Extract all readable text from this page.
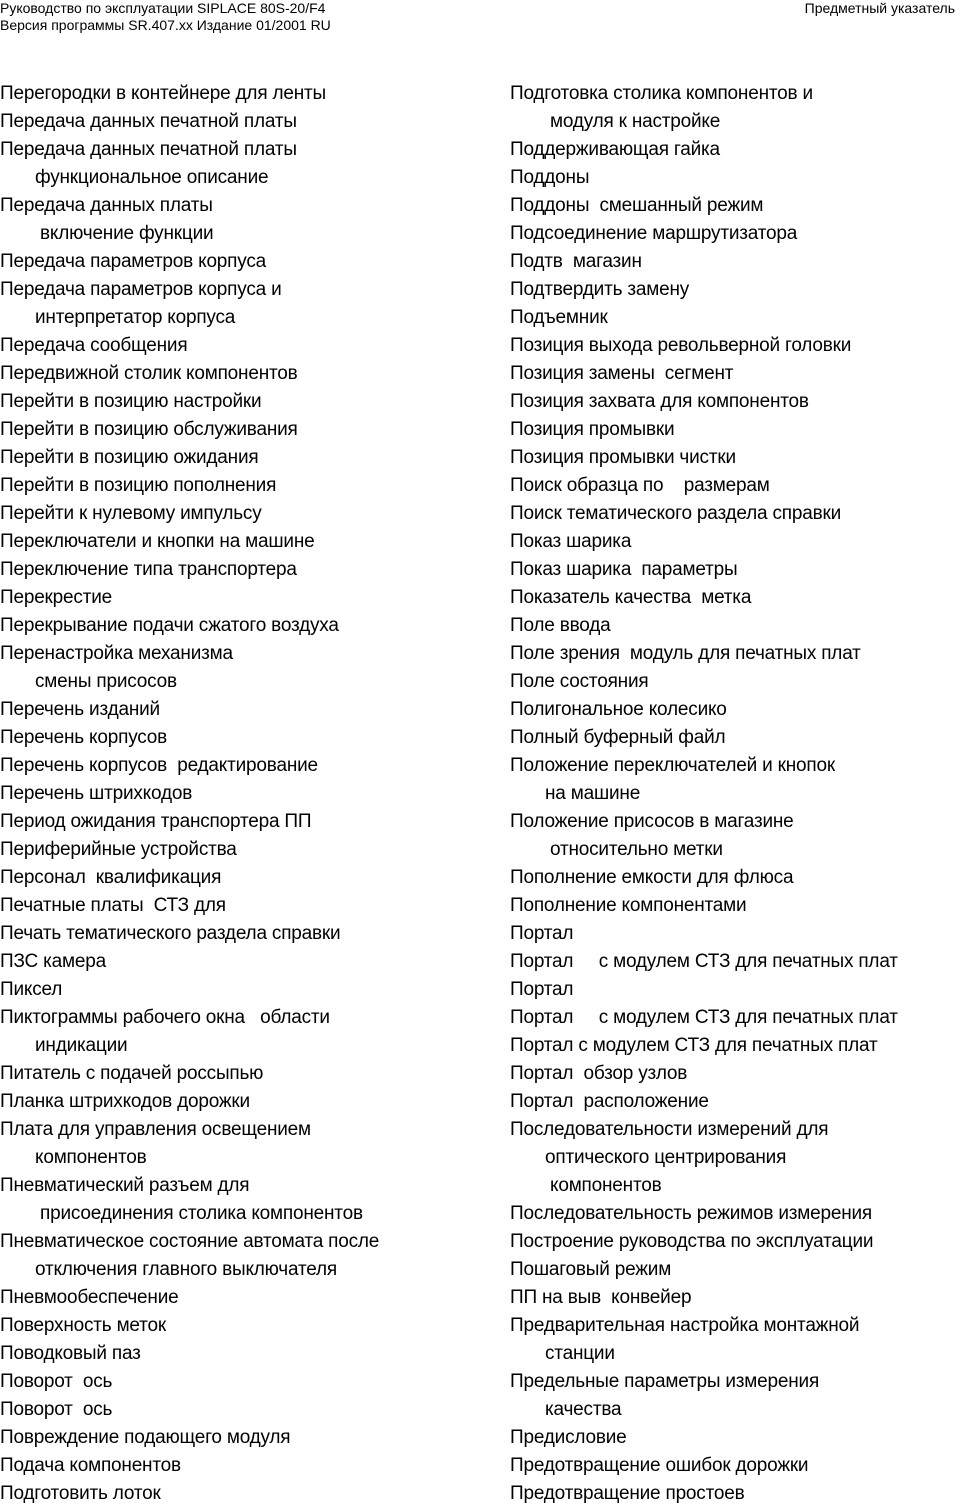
Руководство по эксплуатации SIPLACE 80S-20/F4
Версия программы SR.407.xx Издание 01/2001 RU
Предметный указатель
Перегородки в контейнере для ленты
Передача данных печатной платы
Передача данных печатной платы
функциональное описание
Передача данных платы
включение функции
Передача параметров корпуса
Передача параметров корпуса и
интерпретатор корпуса
Передача сообщения
Передвижной столик компонентов
Перейти в позицию настройки
Перейти в позицию обслуживания
Перейти в позицию ожидания
Перейти в позицию пополнения
Перейти к нулевому импульсу
Переключатели и кнопки на машине
Переключение типа транспортера
Перекрестие
Перекрывание подачи сжатого воздуха
Перенастройка механизма
смены присосов
Перечень изданий
Перечень корпусов
Перечень корпусов  редактирование
Перечень штрихкодов
Период ожидания транспортера ПП
Периферийные устройства
Персонал  квалификация
Печатные платы  СТЗ для
Печать тематического раздела справки
ПЗС камера
Пиксел
Пиктограммы рабочего окна   области
индикации
Питатель с подачей россыпью
Планка штрихкодов дорожки
Плата для управления освещением
компонентов
Пневматический разъем для
присоединения столика компонентов
Пневматическое состояние автомата после
отключения главного выключателя
Пневмообеспечение
Поверхность меток
Поводковый паз
Поворот  ось
Поворот  ось
Повреждение подающего модуля
Подача компонентов
Подготовить лоток
Подготовка столика компонентов и
модуля к настройке
Поддерживающая гайка
Поддоны
Поддоны  смешанный режим
Подсоединение маршрутизатора
Подтв  магазин
Подтвердить замену
Подъемник
Позиция выхода револьверной головки
Позиция замены  сегмент
Позиция захвата для компонентов
Позиция промывки
Позиция промывки чистки
Поиск образца по    размерам
Поиск тематического раздела справки
Показ шарика
Показ шарика  параметры
Показатель качества  метка
Поле ввода
Поле зрения  модуль для печатных плат
Поле состояния
Полигональное колесико
Полный буферный файл
Положение переключателей и кнопок
на машине
Положение присосов в магазине
относительно метки
Пополнение емкости для флюса
Пополнение компонентами
Портал
Портал     с модулем СТЗ для печатных плат
Портал
Портал     с модулем СТЗ для печатных плат
Портал с модулем СТЗ для печатных плат
Портал  обзор узлов
Портал  расположение
Последовательности измерений для
оптического центрирования
компонентов
Последовательность режимов измерения
Построение руководства по эксплуатации
Пошаговый режим
ПП на выв  конвейер
Предварительная настройка монтажной
станции
Предельные параметры измерения
качества
Предисловие
Предотвращение ошибок дорожки
Предотвращение простоев
